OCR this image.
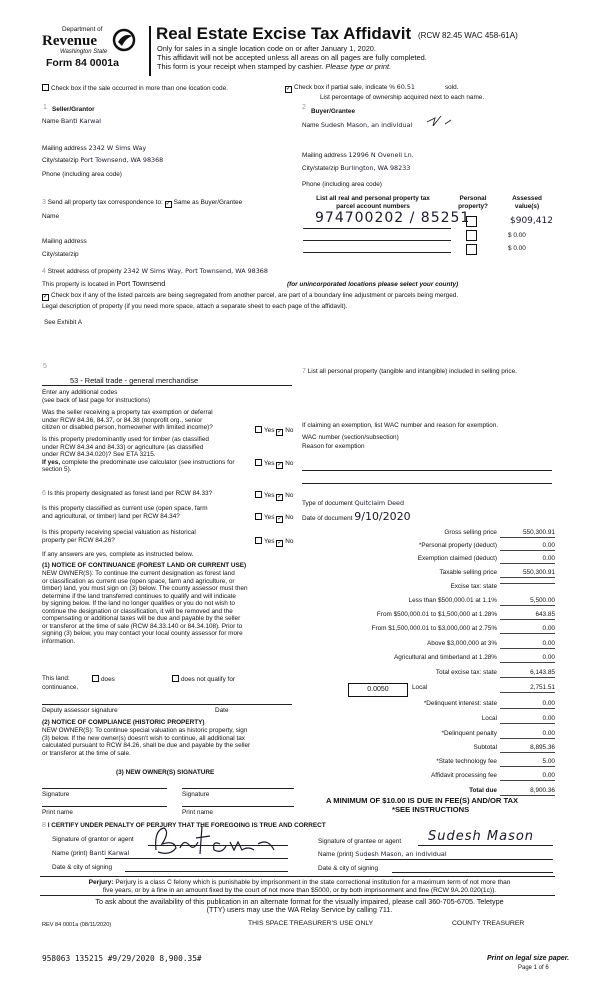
Department of
Revenue
Washington State
Form 84 0001a
Real Estate Excise Tax Affidavit (RCW 82.45 WAC 458-61A)
Only for sales in a single location code on or after January 1, 2020.
This affidavit will not be accepted unless all areas on all pages are fully completed.
This form is your receipt when stamped by cashier. Please type or print.
Check box if the sale occurred in more than one location code.	✓ Check box if partial sale, indicate % 60.51	sold.
List percentage of ownership acquired next to each name.
1 Seller/Grantor
Name Banti Karwal
Mailing address 2342 W Sims Way
City/state/zip Port Townsend, WA 98368
Phone (including area code)
2
Buyer/Grantee
Name Sudesh Mason, an individual
Mailing address 12996 N Ovenell Ln.
City/state/zip Burlington, WA 98233
Phone (including area code)
3 Send all property tax correspondence to: ✓ Same as Buyer/Grantee
Name
Mailing address
City/state/zip
List all real and personal property tax
parcel account numbers
Personal
property?
Assessed
value(s)
974700202 / 85251	$909,412
$ 0.00
$ 0.00
4 Street address of property 2342 W Sims Way, Port Townsend, WA 98368
This property is located in Port Townsend	(for unincorporated locations please select your county)
✓ Check box if any of the listed parcels are being segregated from another parcel, are part of a boundary line adjustment or parcels being merged.
Legal description of property (if you need more space, attach a separate sheet to each page of the affidavit).
See Exhibit A
5
53 - Retail trade - general merchandise
Enter any additional codes
(see back of last page for instructions)
Was the seller receiving a property tax exemption or deferral
under RCW 84.36, 84.37, or 84.38 (nonprofit org., senior
citizen or disabled person, homeowner with limited income)?	Yes ✓ No
Is this property predominantly used for timber (as classified
under RCW 84.34 and 84.33) or agriculture (as classified
under RCW 84.34.020)? See ETA 3215.
If yes, complete the predominate use calculator (see instructions for
section 5).
Yes ✓ No
6 Is this property designated as forest land per RCW 84.33?	Yes ✓ No
Is this property classified as current use (open space, farm
and agricultural, or timber) land per RCW 84.34?	Yes ✓ No
Is this property receiving special valuation as historical
property per RCW 84.26?	Yes ✓ No
If any answers are yes, complete as instructed below.
(1) NOTICE OF CONTINUANCE (FOREST LAND OR CURRENT USE)
NEW OWNER(S): To continue the current designation as forest land
or classification as current use (open space, farm and agriculture, or
timber) land, you must sign on (3) below. The county assessor must then
determine if the land transferred continues to qualify and will indicate
by signing below. If the land no longer qualifies or you do not wish to
continue the designation or classification, it will be removed and the
compensating or additional taxes will be due and payable by the seller
or transferor at the time of sale (RCW 84.33.140 or 84.34.108). Prior to
signing (3) below, you may contact your local county assessor for more
information.
This land:	does	does not qualify for
continuance.
Deputy assessor signature	Date
(2) NOTICE OF COMPLIANCE (HISTORIC PROPERTY)
NEW OWNER(S): To continue special valuation as historic property, sign
(3) below. If the new owner(s) doesn't wish to continue, all additional tax
calculated pursuant to RCW 84.26, shall be due and payable by the seller
or transferor at the time of sale.
(3) NEW OWNER(S) SIGNATURE
Signature	Signature
Print name	Print name
7 List all personal property (tangible and intangible) included in selling price.
If claiming an exemption, list WAC number and reason for exemption.
WAC number (section/subsection)
Reason for exemption
Type of document Quitclaim Deed
Date of document 9/10/2020
Gross selling price	550,300.91
*Personal property (deduct)	0.00
Exemption claimed (deduct)	0.00
Taxable selling price	550,300.91
Excise tax: state
Less than $500,000.01 at 1.1%	5,500.00
From $500,000.01 to $1,500,000 at 1.28%	643.85
From $1,500,000.01 to $3,000,000 at 2.75%	0.00
Above $3,000,000 at 3%	0.00
Agricultural and timberland at 1.28%	0.00
Total excise tax: state	6,143.85
Local	2,751.51
*Delinquent interest: state	0.00
Local	0.00
*Delinquent penalty	0.00
Subtotal	8,895.36
*State technology fee	5.00
Affidavit processing fee	0.00
Total due	8,900.36
0.0050
A MINIMUM OF $10.00 IS DUE IN FEE(S) AND/OR TAX
*SEE INSTRUCTIONS
8 I CERTIFY UNDER PENALTY OF PERJURY THAT THE FOREGOING IS TRUE AND CORRECT
Signature of grantor or agent
Name (print) Banti Karwal
Date & city of signing
Signature of grantee or agent Sudesh Mason
Name (print) Sudesh Mason, an individual
Date & city of signing
Perjury: Perjury is a class C felony which is punishable by imprisonment in the state correctional institution for a maximum term of not more than
five years, or by a fine in an amount fixed by the court of not more than $5000, or by both imprisonment and fine (RCW 9A.20.020(1c)).
To ask about the availability of this publication in an alternate format for the visually impaired, please call 360-705-6705. Teletype
(TTY) users may use the WA Relay Service by calling 711.
REV 84 0001a (08/11/2020)	THIS SPACE TREASURER'S USE ONLY	COUNTY TREASURER
958063 135215 #9/29/2020 8,900.35#	Print on legal size paper.
Page 1 of 6
